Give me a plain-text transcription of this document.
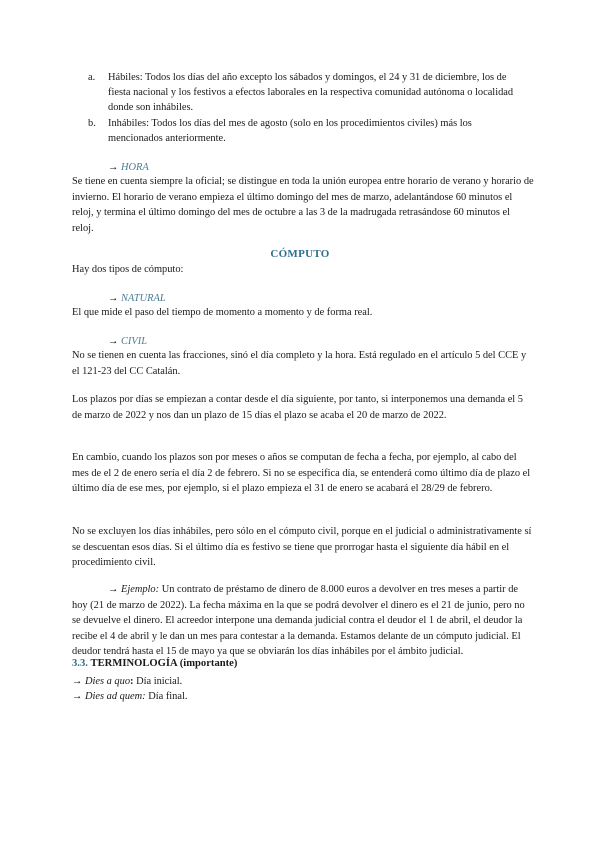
a. Hábiles: Todos los días del año excepto los sábados y domingos, el 24 y 31 de diciembre, los de fiesta nacional y los festivos a efectos laborales en la respectiva comunidad autónoma o localidad donde son inhábiles.
b. Inhábiles: Todos los días del mes de agosto (solo en los procedimientos civiles) más los mencionados anteriormente.
→ HORA
Se tiene en cuenta siempre la oficial; se distingue en toda la unión europea entre horario de verano y horario de invierno. El horario de verano empieza el último domingo del mes de marzo, adelantándose 60 minutos el reloj, y termina el último domingo del mes de octubre a las 3 de la madrugada retrasándose 60 minutos el reloj.
CÓMPUTO
Hay dos tipos de cómputo:
→ NATURAL
El que mide el paso del tiempo de momento a momento y de forma real.
→ CIVIL
No se tienen en cuenta las fracciones, sinó el día completo y la hora. Está regulado en el artículo 5 del CCE y el 121-23 del CC Catalán.
Los plazos por días se empiezan a contar desde el día siguiente, por tanto, si interponemos una demanda el 5 de marzo de 2022 y nos dan un plazo de 15 días el plazo se acaba el 20 de marzo de 2022.
En cambio, cuando los plazos son por meses o años se computan de fecha a fecha, por ejemplo, al cabo del mes de el 2 de enero sería el día 2 de febrero. Si no se especifica día, se entenderá como último día de plazo el último día de ese mes, por ejemplo, si el plazo empieza el 31 de enero se acabará el 28/29 de febrero.
No se excluyen los días inhábiles, pero sólo en el cómputo civil, porque en el judicial o administrativamente sí se descuentan esos días. Si el último día es festivo se tiene que prorrogar hasta el siguiente día hábil en el procedimiento civil.
→ Ejemplo: Un contrato de préstamo de dinero de 8.000 euros a devolver en tres meses a partir de hoy (21 de marzo de 2022). La fecha máxima en la que se podrá devolver el dinero es el 21 de junio, pero no se devuelve el dinero. El acreedor interpone una demanda judicial contra el deudor el 1 de abril, el deudor la recibe el 4 de abril y le dan un mes para contestar a la demanda. Estamos delante de un cómputo judicial. El deudor tendrá hasta el 15 de mayo ya que se obviarán los días inhábiles por el ámbito judicial.
3.3. TERMINOLOGÍA (importante)
→ Dies a quo: Día inicial.
→ Dies ad quem: Día final.
